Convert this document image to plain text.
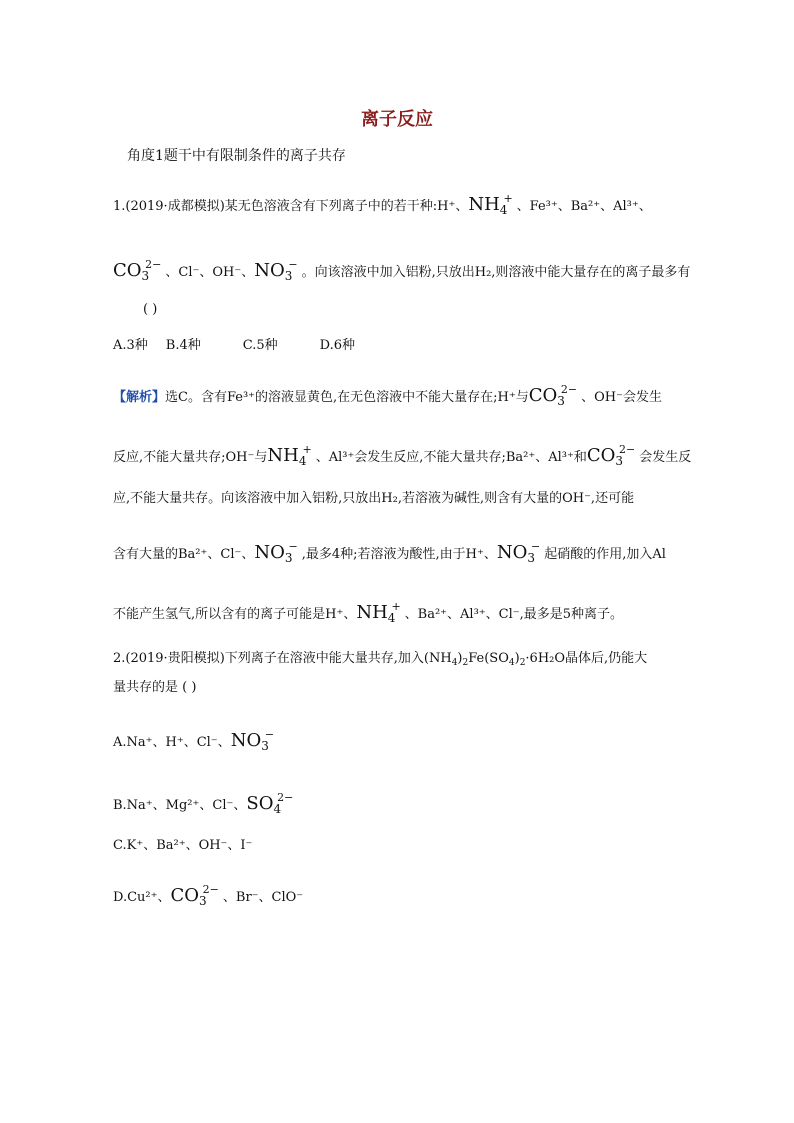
离子反应
角度1题干中有限制条件的离子共存
1.(2019·成都模拟)某无色溶液含有下列离子中的若干种:H⁺、NH4+、Fe³⁺、Ba²⁺、Al³⁺、
$CO3^{2-}$、Cl⁻、OH⁻、NO3−。向该溶液中加入铝粉,只放出H₂,则溶液中能大量存在的离子最多有
( )
A.3种 B.4种	C.5种	D.6种
【解析】选C。含有Fe³⁺的溶液显黄色,在无色溶液中不能大量存在;H⁺与$CO3^{2-}$、OH⁻会发生
反应,不能大量共存;OH⁻与NH4+、Al³⁺会发生反应,不能大量共存;Ba²⁺、Al³⁺和$CO3^{2-}$会发生反
应,不能大量共存。向该溶液中加入铝粉,只放出H₂,若溶液为碱性,则含有大量的OH⁻,还可能
含有大量的Ba²⁺、Cl⁻、NO3−,最多4种;若溶液为酸性,由于H⁺、NO3−起硝酸的作用,加入Al
不能产生氢气,所以含有的离子可能是H⁺、NH4+、Ba²⁺、Al³⁺、Cl⁻,最多是5种离子。
2.(2019·贵阳模拟)下列离子在溶液中能大量共存,加入$(NH_4)_2Fe(SO_4)_2\cdot 6H_2O$晶体后,仍能大
量共存的是 ( )
A.Na⁺、H⁺、Cl⁻、NO3−
B.Na⁺、Mg²⁺、Cl⁻、$SO4^{2-}$
C.K⁺、Ba²⁺、OH⁻、I⁻
D.Cu²⁺、$CO3^{2-}$、Br⁻、ClO⁻
